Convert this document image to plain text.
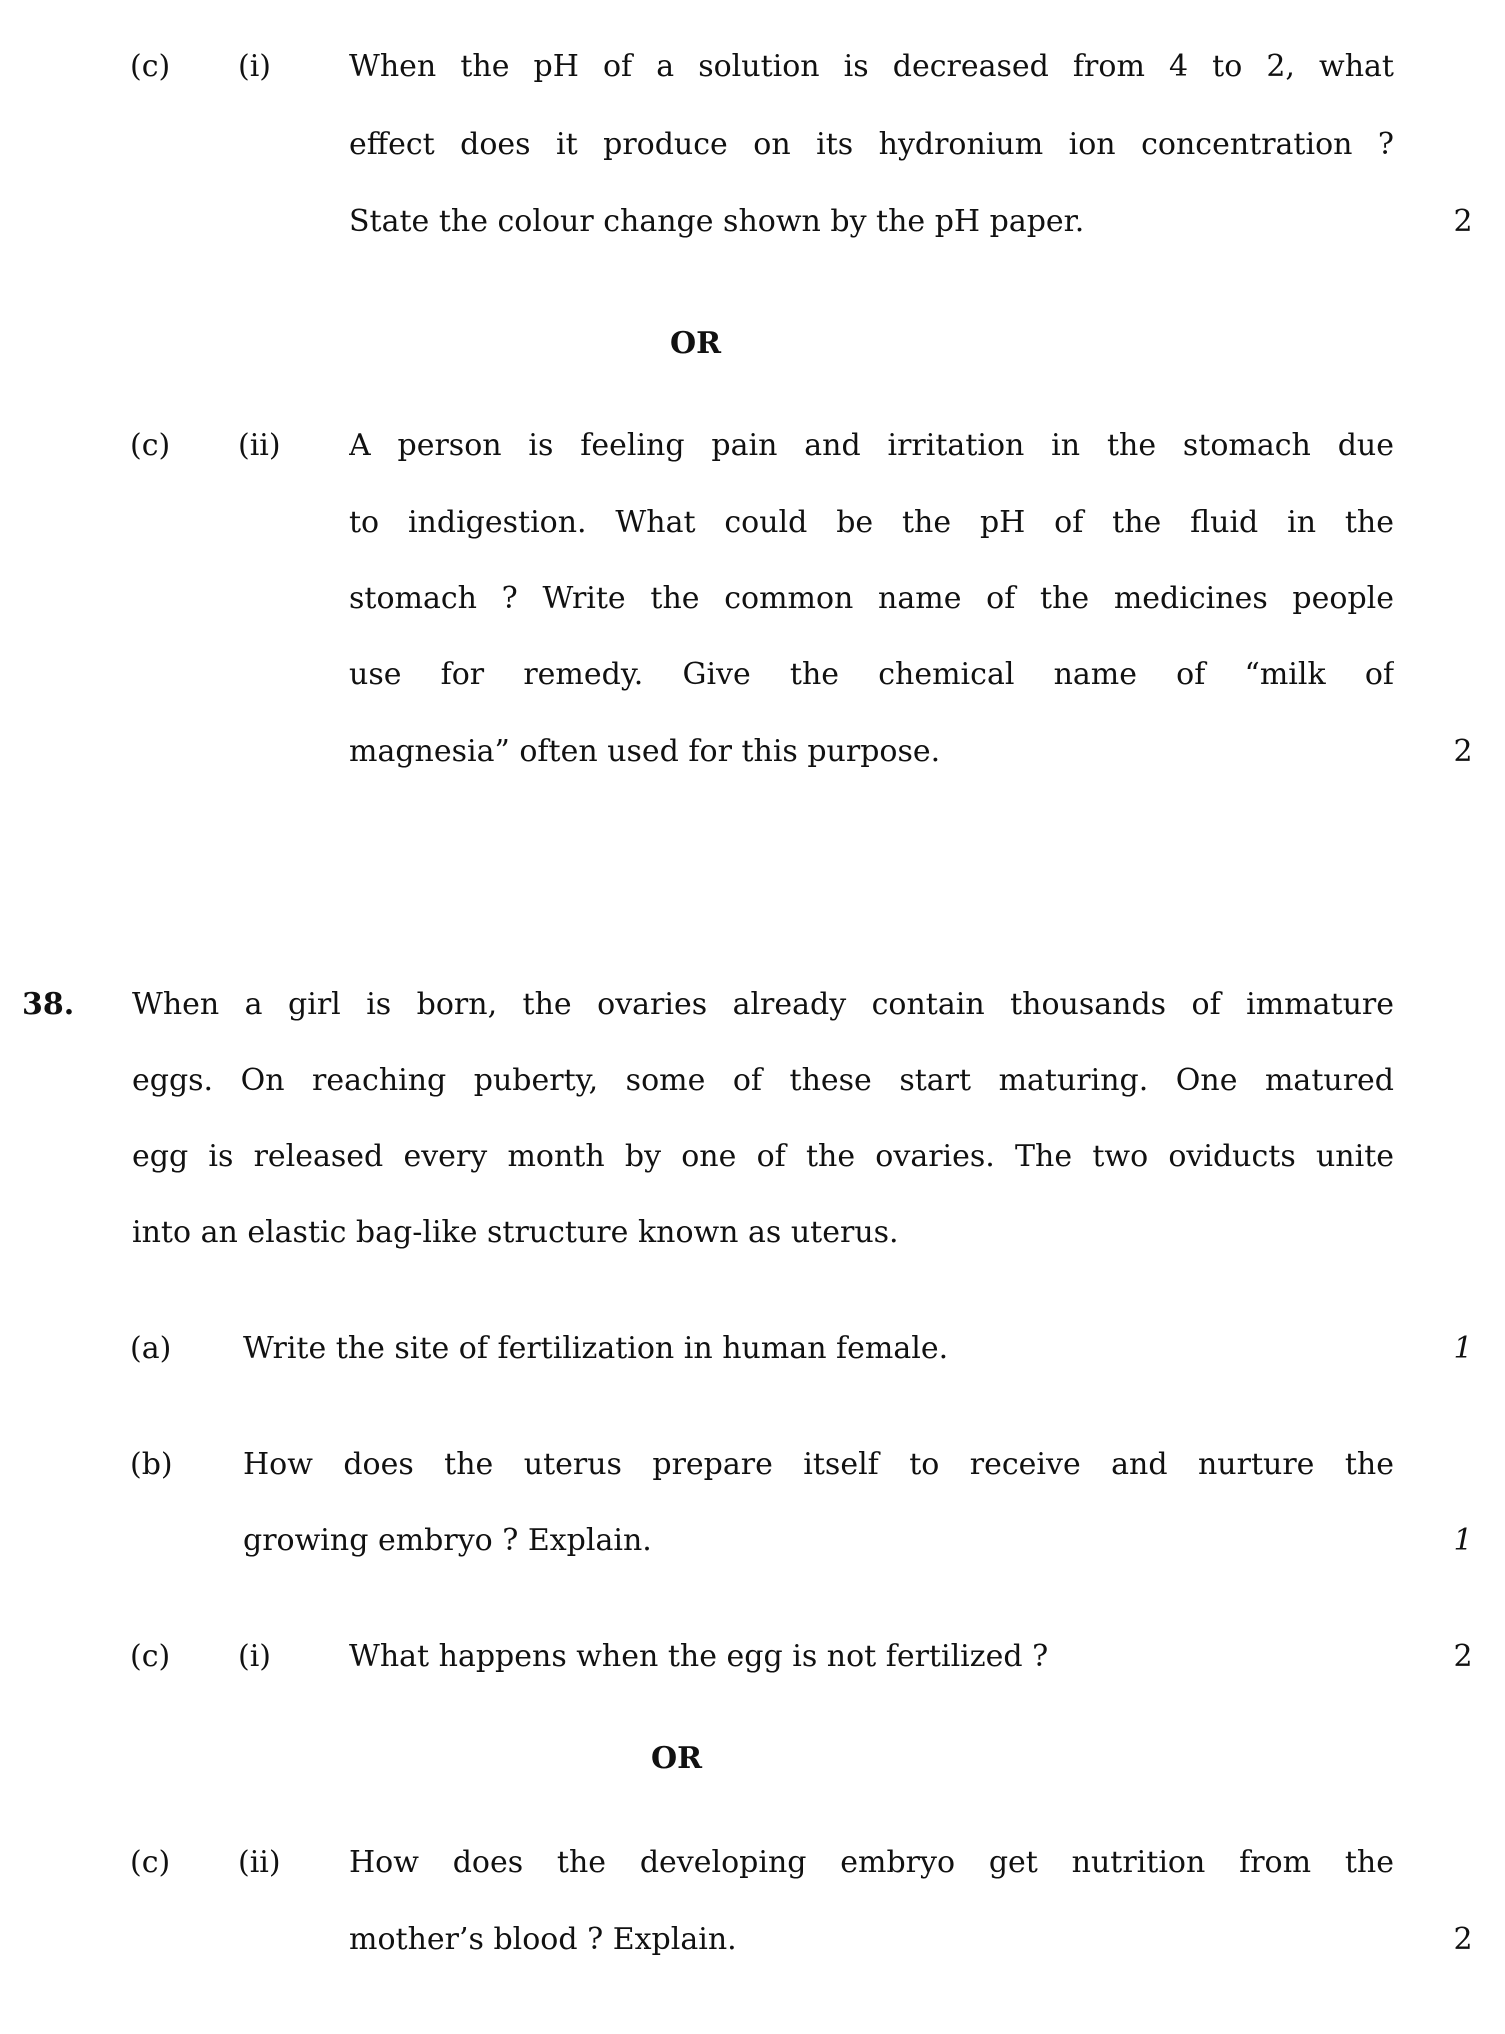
(c) (i)	When the pH of a solution is decreased from 4 to 2, what
effect does it produce on its hydronium ion concentration ?
State the colour change shown by the pH paper.	2
OR
(c) (ii) A person is feeling pain and irritation in the stomach due
to indigestion. What could be the pH of the fluid in the
stomach ? Write the common name of the medicines people
use for remedy. Give the chemical name of “milk of
magnesia” often used for this purpose.	2
38. When a girl is born, the ovaries already contain thousands of immature
eggs. On reaching puberty, some of these start maturing. One matured
egg is released every month by one of the ovaries. The two oviducts unite
into an elastic bag-like structure known as uterus.
(a) Write the site of fertilization in human female.	1
(b) How does the uterus prepare itself to receive and nurture the
growing embryo ? Explain.	1
(c) (i)	What happens when the egg is not fertilized ?	2
OR
(c) (ii) How does the developing embryo get nutrition from the
mother’s blood ? Explain.	2
